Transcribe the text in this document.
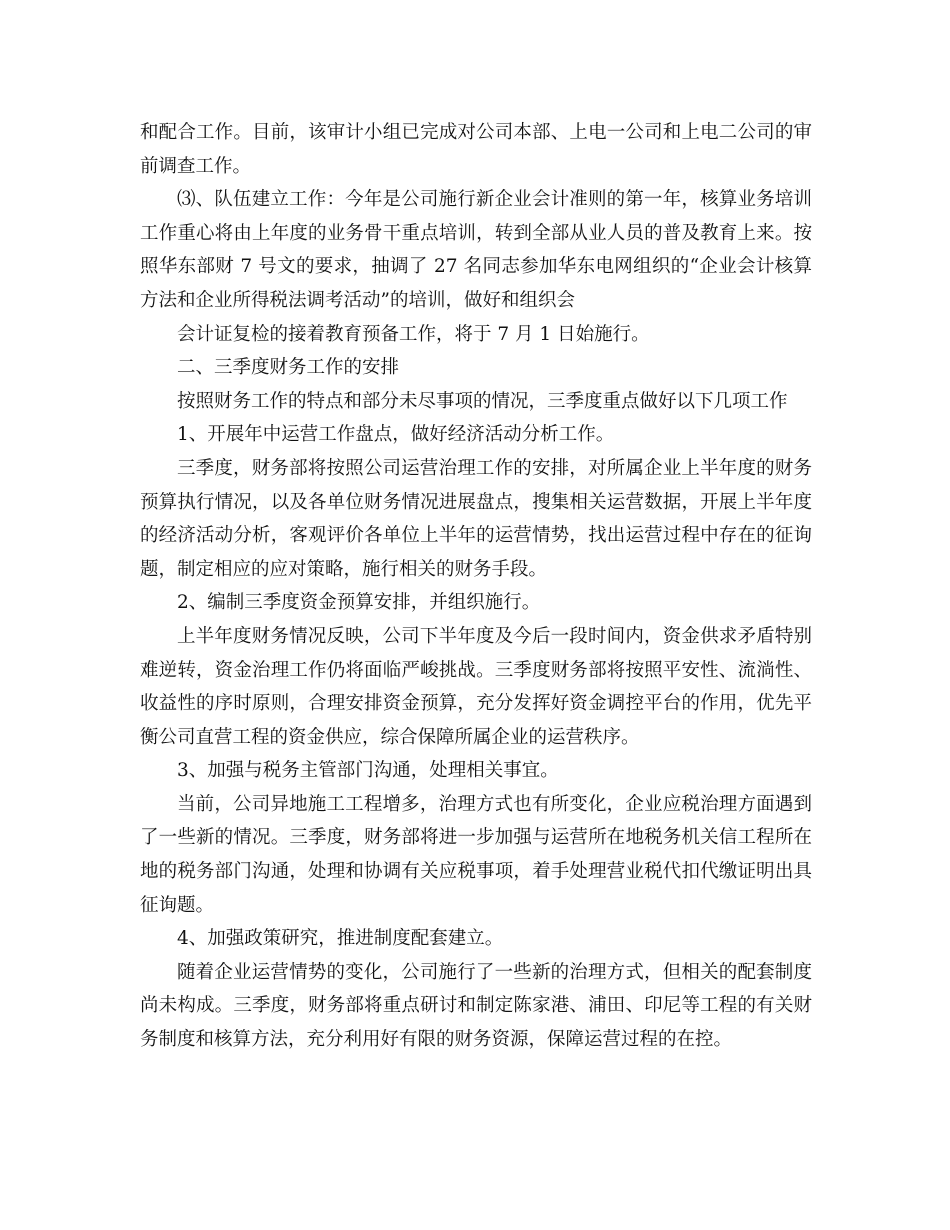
和配合工作。目前，该审计小组已完成对公司本部、上电一公司和上电二公司的审前调查工作。

⑶、队伍建立工作：今年是公司施行新企业会计准则的第一年，核算业务培训工作重心将由上年度的业务骨干重点培训，转到全部从业人员的普及教育上来。按照华东部财 7 号文的要求，抽调了 27 名同志参加华东电网组织的“企业会计核算方法和企业所得税法调考活动”的培训，做好和组织会

会计证复检的接着教育预备工作，将于 7 月 1 日始施行。

二、三季度财务工作的安排

按照财务工作的特点和部分未尽事项的情况，三季度重点做好以下几项工作

1、开展年中运营工作盘点，做好经济活动分析工作。

三季度，财务部将按照公司运营治理工作的安排，对所属企业上半年度的财务预算执行情况，以及各单位财务情况进展盘点，搜集相关运营数据，开展上半年度的经济活动分析，客观评价各单位上半年的运营情势，找出运营过程中存在的征询题，制定相应的应对策略，施行相关的财务手段。

2、编制三季度资金预算安排，并组织施行。

上半年度财务情况反映，公司下半年度及今后一段时间内，资金供求矛盾特别难逆转，资金治理工作仍将面临严峻挑战。三季度财务部将按照平安性、流淌性、收益性的序时原则，合理安排资金预算，充分发挥好资金调控平台的作用，优先平衡公司直营工程的资金供应，综合保障所属企业的运营秩序。

3、加强与税务主管部门沟通，处理相关事宜。

当前，公司异地施工工程增多，治理方式也有所变化，企业应税治理方面遇到了一些新的情况。三季度，财务部将进一步加强与运营所在地税务机关信工程所在地的税务部门沟通，处理和协调有关应税事项，着手处理营业税代扣代缴证明出具征询题。

4、加强政策研究，推进制度配套建立。

随着企业运营情势的变化，公司施行了一些新的治理方式，但相关的配套制度尚未构成。三季度，财务部将重点研讨和制定陈家港、浦田、印尼等工程的有关财务制度和核算方法，充分利用好有限的财务资源，保障运营过程的在控。
